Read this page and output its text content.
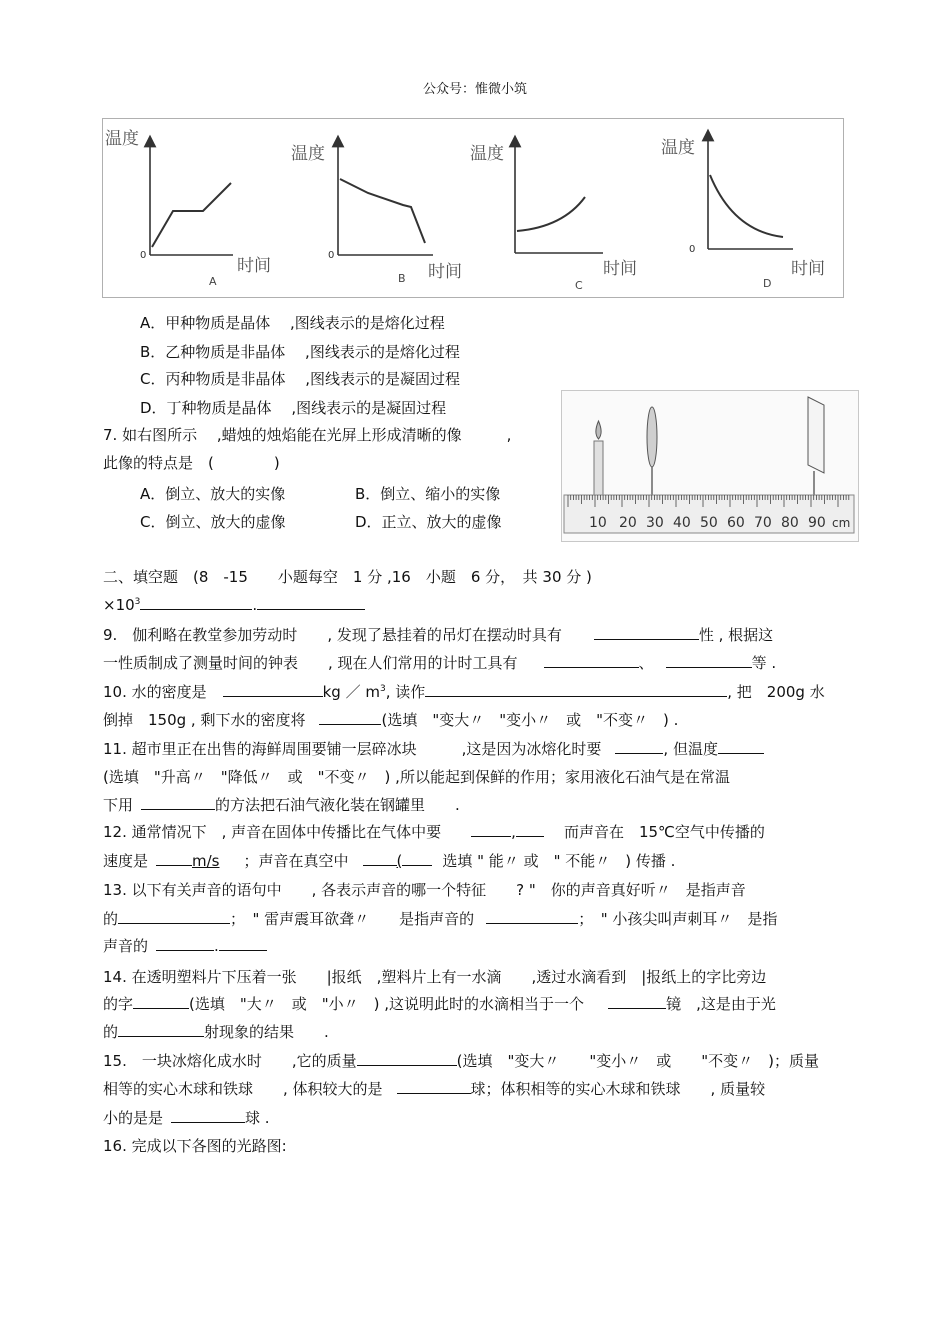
公众号：惟微小筑
温度
时间
0
A
温度
时间
0
B
温度
时间
C
温度
时间
0
D
A．甲种物质是晶体　 ,图线表示的是熔化过程
B．乙种物质是非晶体　 ,图线表示的是熔化过程
C．丙种物质是非晶体　 ,图线表示的是凝固过程
D．丁种物质是晶体　 ,图线表示的是凝固过程
7. 如右图所示　 ,蜡烛的烛焰能在光屏上形成清晰的像　　　,
此像的特点是　(　　　　)
A．倒立、放大的实像	B．倒立、缩小的实像
C．倒立、放大的虚像	D．正立、放大的虚像	10 20 30 40 50 60 70 80 90 cm
二、填空题　(8　-15　　小题每空　1 分 ,16　小题　6 分，　共 30 分 )
$\times 10^3$	.
9.　伽利略在教堂参加劳动时　　, 发现了悬挂着的吊灯在摆动时具有	性 , 根据这
一性质制成了测量时间的钟表　　, 现在人们常用的计时工具有	、	等 .
10. 水的密度是	kg ／ $m^3$, 读作	, 把　200g 水
倒掉　150g , 剩下水的密度将	(选填　"变大〃　"变小〃　或　"不变〃　) .
11. 超市里正在出售的海鲜周围要铺一层碎冰块　　　,这是因为冰熔化时要	, 但温度
(选填　"升高〃　"降低〃　或　"不变〃　) ,所以能起到保鲜的作用；家用液化石油气是在常温
下用	的方法把石油气液化装在钢罐里　　.
12. 通常情况下　, 声音在固体中传播比在气体中要	,	而声音在　15℃空气中传播的
速度是	m/s ；声音在真空中	(	选填 " 能〃 或　" 不能〃　) 传播 .
13. 以下有关声音的语句中　　, 各表示声音的哪一个特征　　? "　你的声音真好听〃　是指声音
的	；　" 雷声震耳欲聋〃　　是指声音的	；　" 小孩尖叫声刺耳〃　是指
声音的	.
14. 在透明塑料片下压着一张　　|报纸　,塑料片上有一水滴　　,透过水滴看到　|报纸上的字比旁边
的字	(选填　"大〃　或　"小〃　) ,这说明此时的水滴相当于一个	镜　,这是由于光
的	射现象的结果　　.
15.　一块冰熔化成水时　　,它的质量	(选填　"变大〃　　"变小〃　或　　"不变〃　)；质量
相等的实心木球和铁球　　, 体积较大的是	球；体积相等的实心木球和铁球　　, 质量较
小的是是	球 .
16. 完成以下各图的光路图:
